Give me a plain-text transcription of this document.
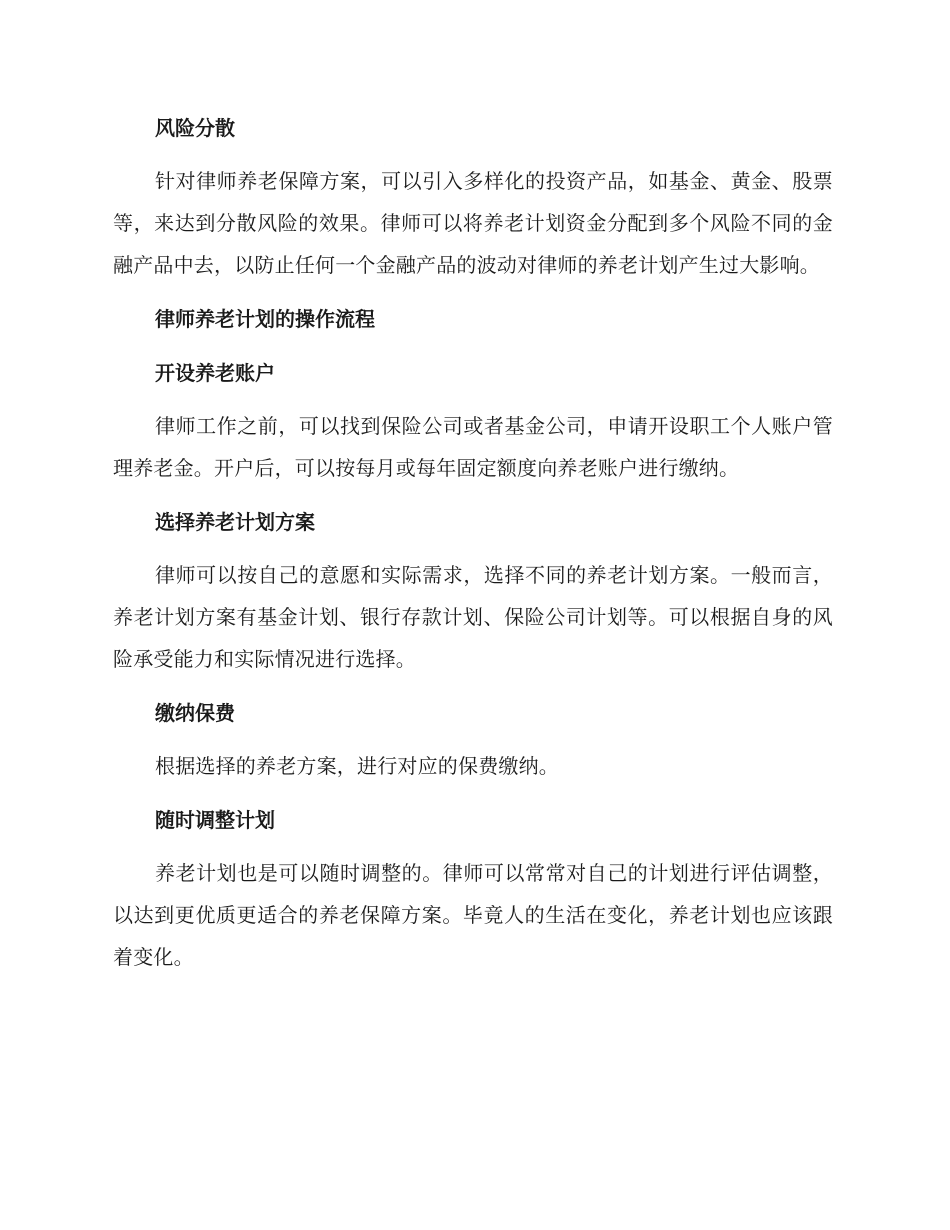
风险分散

针对律师养老保障方案，可以引入多样化的投资产品，如基金、黄金、股票等，来达到分散风险的效果。律师可以将养老计划资金分配到多个风险不同的金融产品中去，以防止任何一个金融产品的波动对律师的养老计划产生过大影响。

律师养老计划的操作流程
开设养老账户

律师工作之前，可以找到保险公司或者基金公司，申请开设职工个人账户管理养老金。开户后，可以按每月或每年固定额度向养老账户进行缴纳。

选择养老计划方案

律师可以按自己的意愿和实际需求，选择不同的养老计划方案。一般而言，养老计划方案有基金计划、银行存款计划、保险公司计划等。可以根据自身的风险承受能力和实际情况进行选择。

缴纳保费

根据选择的养老方案，进行对应的保费缴纳。

随时调整计划

养老计划也是可以随时调整的。律师可以常常对自己的计划进行评估调整，以达到更优质更适合的养老保障方案。毕竟人的生活在变化，养老计划也应该跟着变化。
